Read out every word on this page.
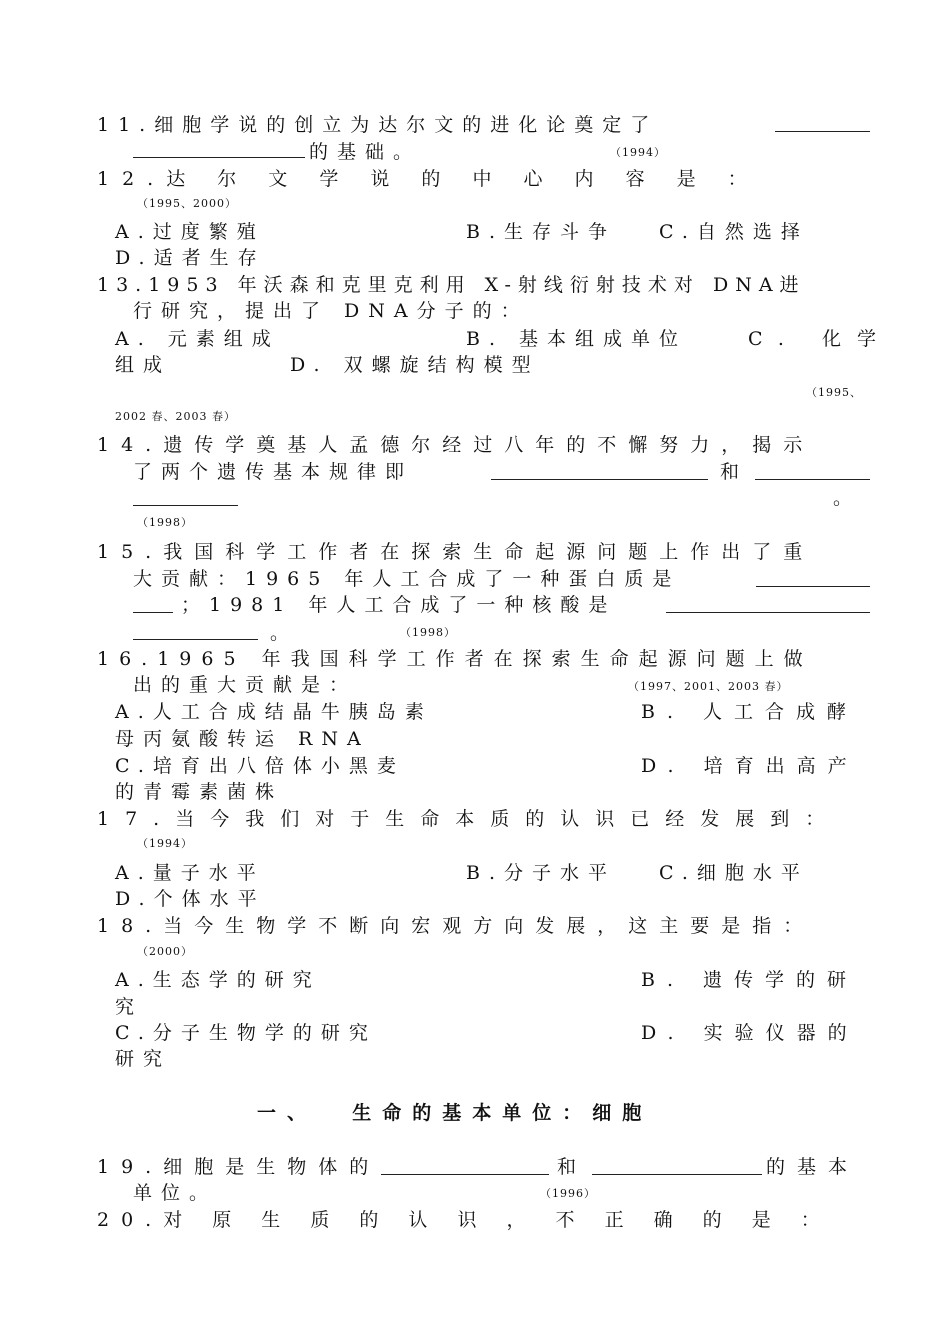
11.细胞学说的创立为达尔文的进化论奠定了
的基础。	（1994）
12.达 尔 文 学 说 的 中 心 内 容 是 ：
（1995、2000）
A.过度繁殖	B.生存斗争 C.自然选择
D.适者生存
13.1953 年沃森和克里克利用 X-射线衍射技术对 DNA进
行研究，提出了 DNA分子的：
A. 元素组成	B. 基本组成单位	C. 化学
组成	D. 双螺旋结构模型
（1995、
2002 春、2003 春）
14.遗传学奠基人孟德尔经过八年的不懈努力，揭示
了两个遗传基本规律即	和
。
（1998）
15.我国科学工作者在探索生命起源问题上作出了重
大贡献：1965 年人工合成了一种蛋白质是
；1981 年人工合成了一种核酸是
。	（1998）
16.1965 年我国科学工作者在探索生命起源问题上做
出的重大贡献是：	（1997、2001、2003 春）
A.人工合成结晶牛胰岛素	B. 人工合成酵
母丙氨酸转运 RNA
C.培育出八倍体小黑麦	D. 培育出高产
的青霉素菌株
17.当今我们对于生命本质的认识已经发展到：
（1994）
A.量子水平	B.分子水平 C.细胞水平
D.个体水平
18.当今生物学不断向宏观方向发展，这主要是指：
（2000）
A.生态学的研究	B. 遗传学的研
究
C.分子生物学的研究	D. 实验仪器的
研究
一、  生命的基本单位：细胞
19.细胞是生物体的	和	的基本
单位。	（1996）
20.对 原 生 质 的 认 识 ， 不 正 确 的 是 ：
